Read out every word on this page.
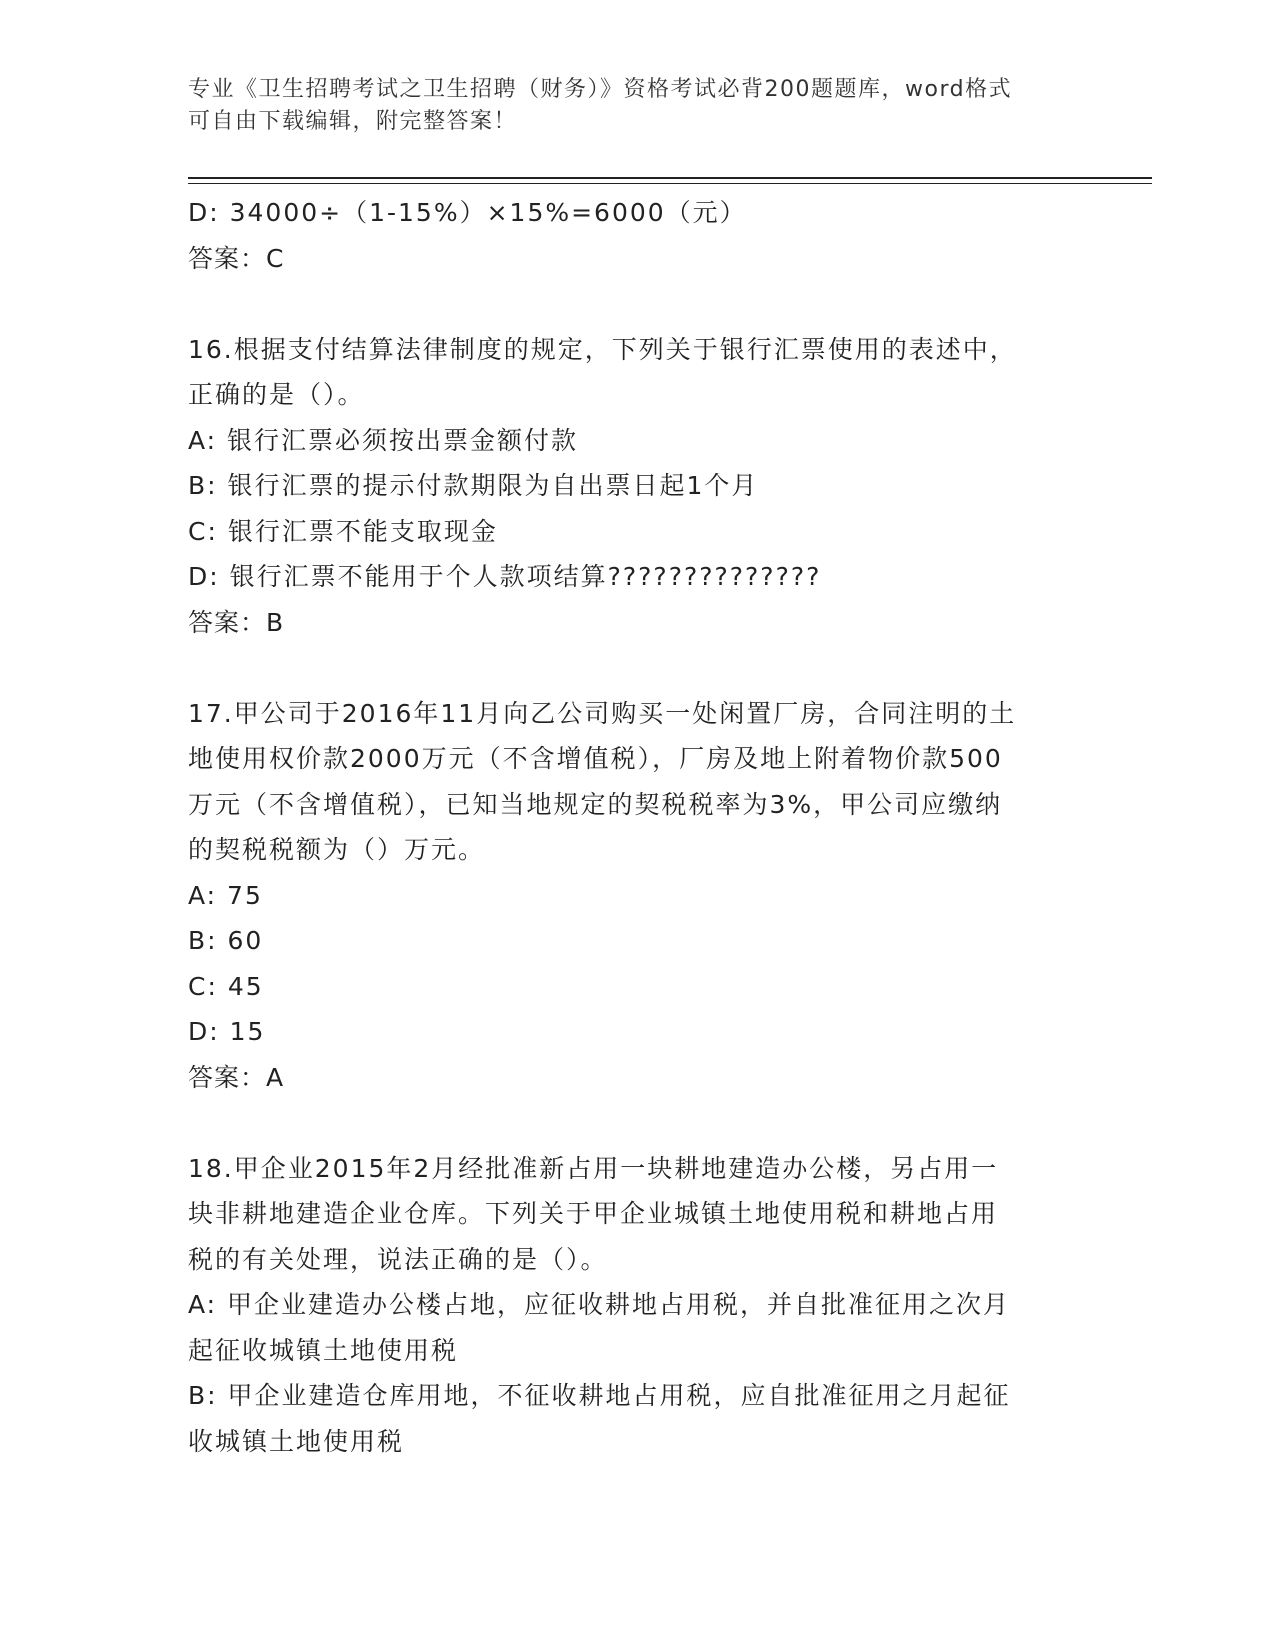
专业《卫生招聘考试之卫生招聘（财务）》资格考试必背200题题库，word格式
可自由下载编辑，附完整答案！
D: 34000÷（1-15%）×15%=6000（元）
答案：C
16.根据支付结算法律制度的规定，下列关于银行汇票使用的表述中，
正确的是（）。
A: 银行汇票必须按出票金额付款
B: 银行汇票的提示付款期限为自出票日起1个月
C: 银行汇票不能支取现金
D: 银行汇票不能用于个人款项结算??????????????
答案：B
17.甲公司于2016年11月向乙公司购买一处闲置厂房，合同注明的土
地使用权价款2000万元（不含增值税），厂房及地上附着物价款500
万元（不含增值税），已知当地规定的契税税率为3%，甲公司应缴纳
的契税税额为（）万元。
A: 75
B: 60
C: 45
D: 15
答案：A
18.甲企业2015年2月经批准新占用一块耕地建造办公楼，另占用一
块非耕地建造企业仓库。下列关于甲企业城镇土地使用税和耕地占用
税的有关处理，说法正确的是（）。
A: 甲企业建造办公楼占地，应征收耕地占用税，并自批准征用之次月
起征收城镇土地使用税
B: 甲企业建造仓库用地，不征收耕地占用税，应自批准征用之月起征
收城镇土地使用税
